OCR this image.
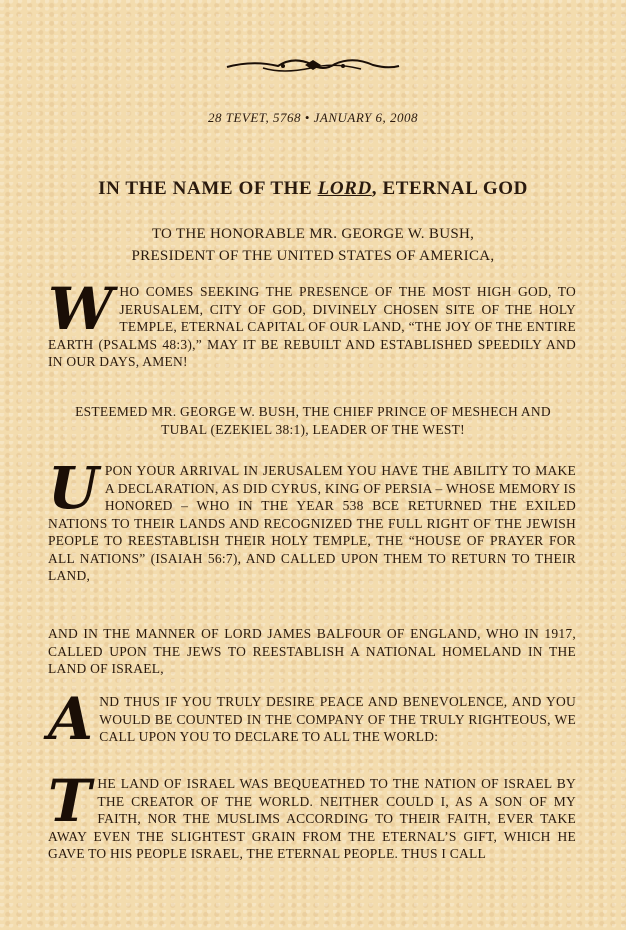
28 TEVET, 5768 • JANUARY 6, 2008
IN THE NAME OF THE LORD, ETERNAL GOD
TO THE HONORABLE MR. GEORGE W. BUSH,
PRESIDENT OF THE UNITED STATES OF AMERICA,
WHO COMES SEEKING THE PRESENCE OF THE MOST HIGH GOD, TO JERUSALEM, CITY OF GOD, DIVINELY CHOSEN SITE OF THE HOLY TEMPLE, ETERNAL CAPITAL OF OUR LAND, “THE JOY OF THE ENTIRE EARTH (PSALMS 48:3),” MAY IT BE REBUILT AND ESTABLISHED SPEEDILY AND IN OUR DAYS, AMEN!
ESTEEMED MR. GEORGE W. BUSH, THE CHIEF PRINCE OF MESHECH AND TUBAL (EZEKIEL 38:1), LEADER OF THE WEST!
UPON YOUR ARRIVAL IN JERUSALEM YOU HAVE THE ABILITY TO MAKE A DECLARATION, AS DID CYRUS, KING OF PERSIA – WHOSE MEMORY IS HONORED – WHO IN THE YEAR 538 BCE RETURNED THE EXILED NATIONS TO THEIR LANDS AND RECOGNIZED THE FULL RIGHT OF THE JEWISH PEOPLE TO REESTABLISH THEIR HOLY TEMPLE, THE “HOUSE OF PRAYER FOR ALL NATIONS” (ISAIAH 56:7), AND CALLED UPON THEM TO RETURN TO THEIR LAND,
AND IN THE MANNER OF LORD JAMES BALFOUR OF ENGLAND, WHO IN 1917, CALLED UPON THE JEWS TO REESTABLISH A NATIONAL HOMELAND IN THE LAND OF ISRAEL,
AND THUS IF YOU TRULY DESIRE PEACE AND BENEVOLENCE, AND YOU WOULD BE COUNTED IN THE COMPANY OF THE TRULY RIGHTEOUS, WE CALL UPON YOU TO DECLARE TO ALL THE WORLD:
THE LAND OF ISRAEL WAS BEQUEATHED TO THE NATION OF ISRAEL BY THE CREATOR OF THE WORLD. NEITHER COULD I, AS A SON OF MY FAITH, NOR THE MUSLIMS ACCORDING TO THEIR FAITH, EVER TAKE AWAY EVEN THE SLIGHTEST GRAIN FROM THE ETERNAL’S GIFT, WHICH HE GAVE TO HIS PEOPLE ISRAEL, THE ETERNAL PEOPLE. THUS I CALL
